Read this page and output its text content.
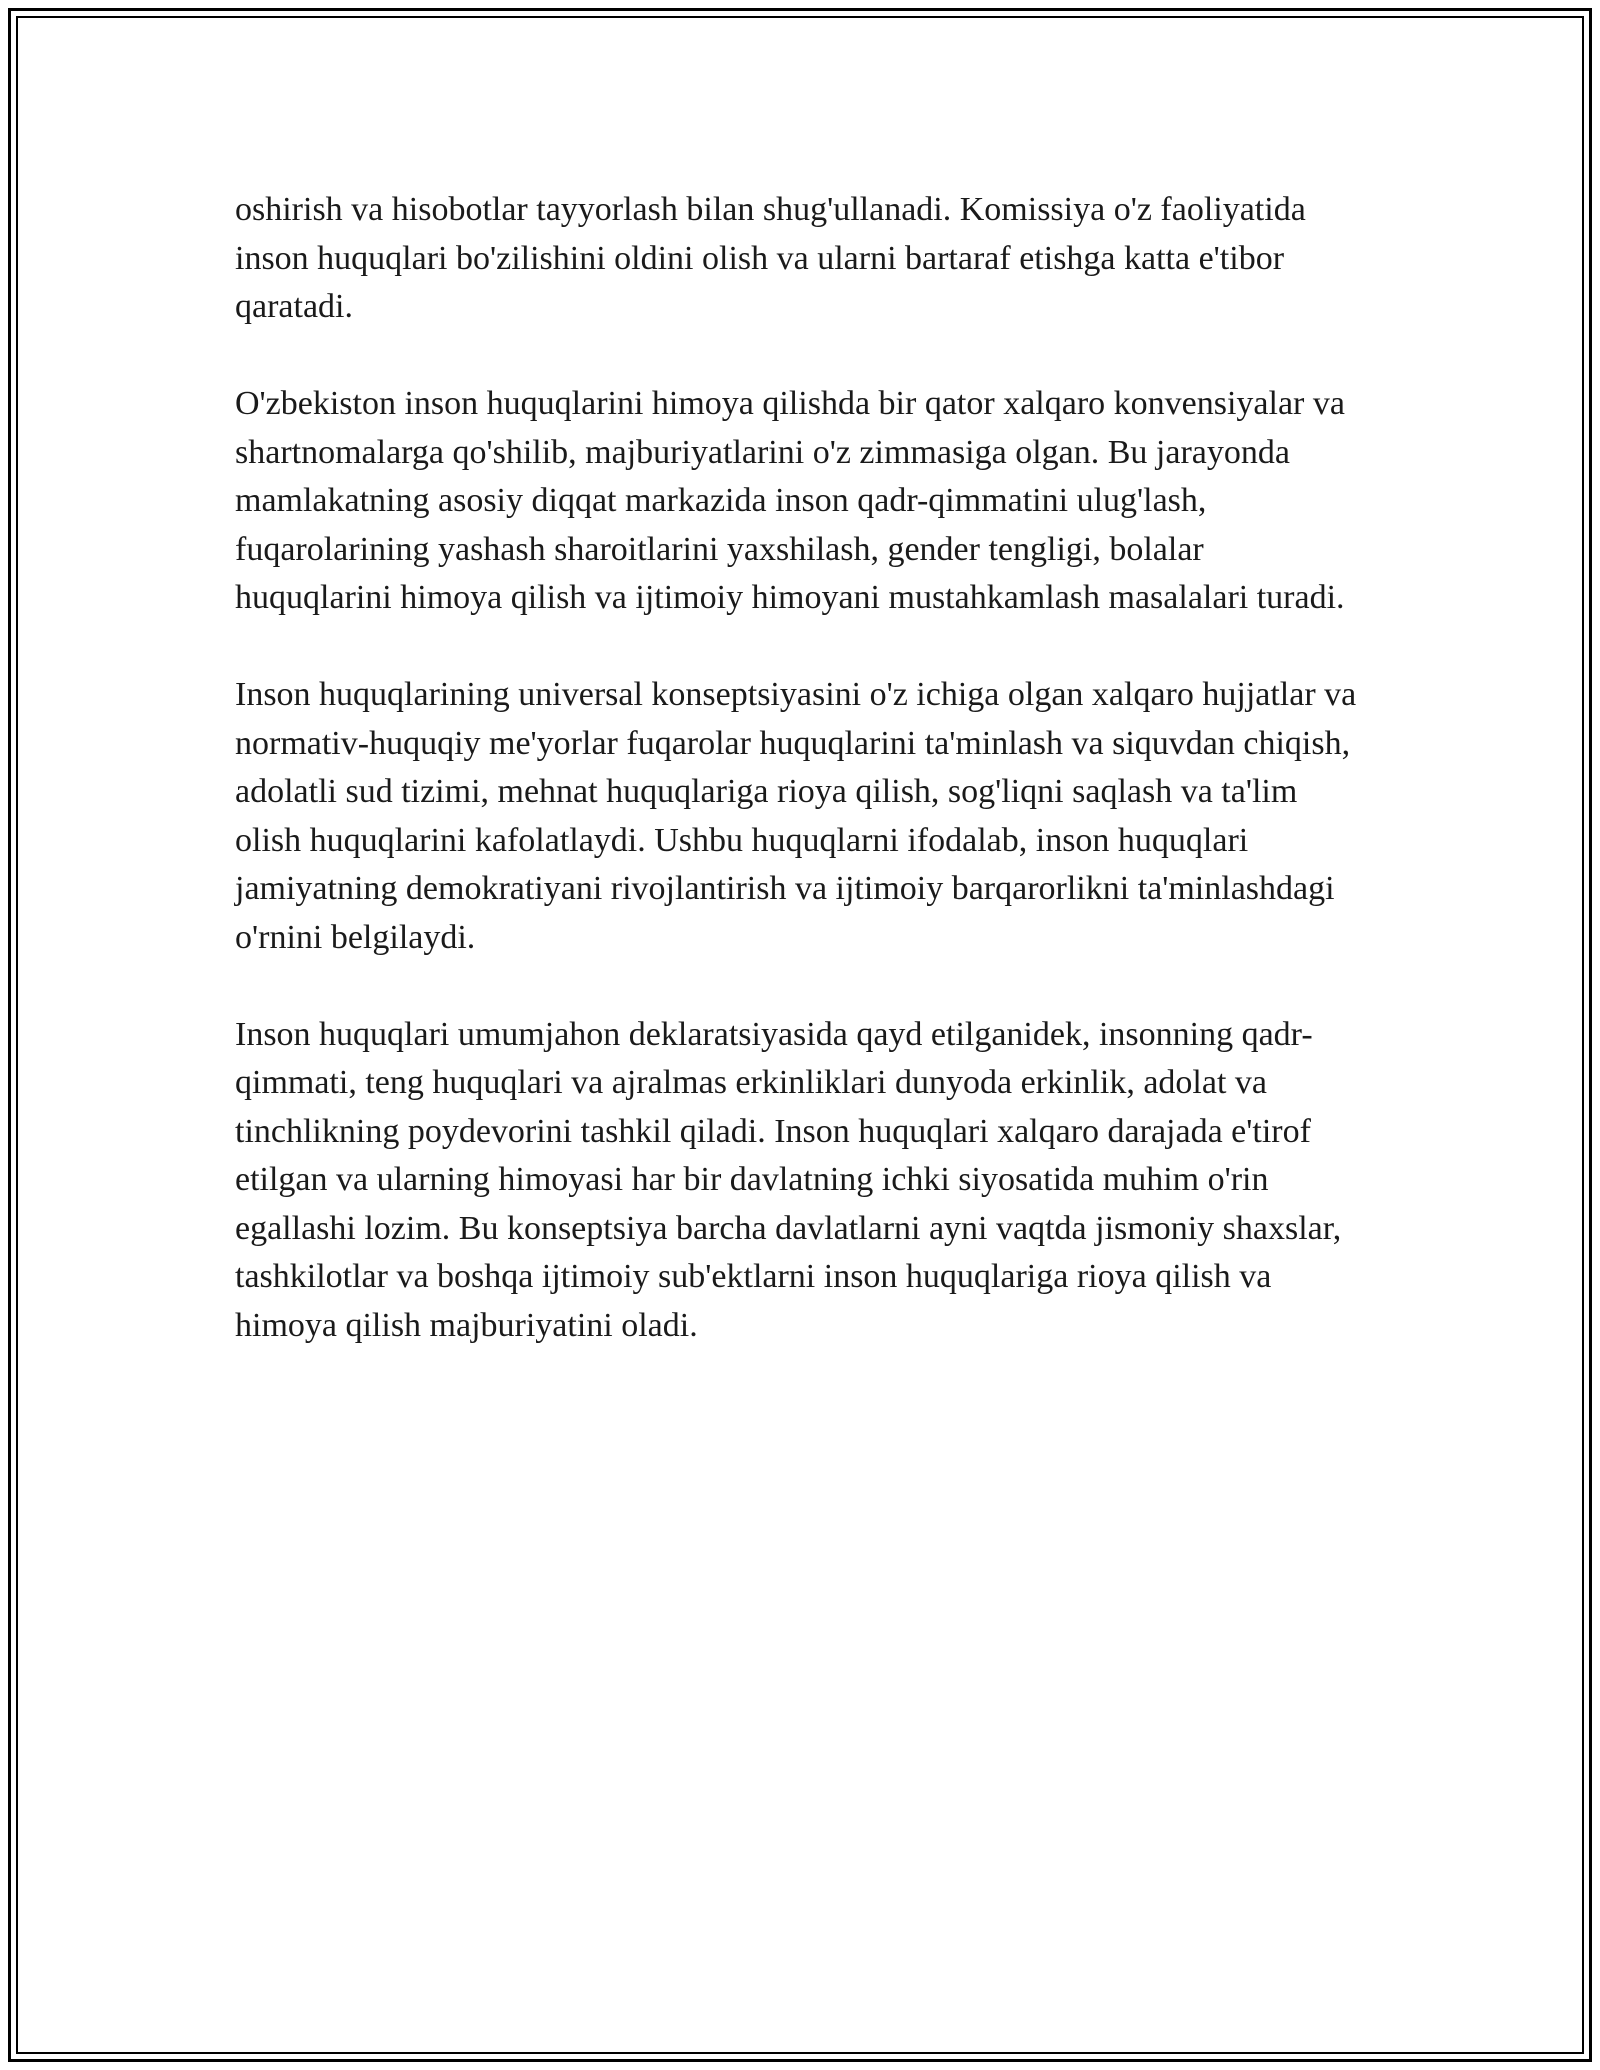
oshirish va hisobotlar tayyorlash bilan shug'ullanadi. Komissiya o'z faoliyatida inson huquqlari bo'zilishini oldini olish va ularni bartaraf etishga katta e'tibor qaratadi.

O'zbekiston inson huquqlarini himoya qilishda bir qator xalqaro konvensiyalar va shartnomalarga qo'shilib, majburiyatlarini o'z zimmasiga olgan. Bu jarayonda mamlakatning asosiy diqqat markazida inson qadr-qimmatini ulug'lash, fuqarolarining yashash sharoitlarini yaxshilash, gender tengligi, bolalar huquqlarini himoya qilish va ijtimoiy himoyani mustahkamlash masalalari turadi.

Inson huquqlarining universal konseptsiyasini o'z ichiga olgan xalqaro hujjatlar va normativ-huquqiy me'yorlar fuqarolar huquqlarini ta'minlash va siquvdan chiqish, adolatli sud tizimi, mehnat huquqlariga rioya qilish, sog'liqni saqlash va ta'lim olish huquqlarini kafolatlaydi. Ushbu huquqlarni ifodalab, inson huquqlari jamiyatning demokratiyani rivojlantirish va ijtimoiy barqarorlikni ta'minlashdagi o'rnini belgilaydi.

Inson huquqlari umumjahon deklaratsiyasida qayd etilganidek, insonning qadr-qimmati, teng huquqlari va ajralmas erkinliklari dunyoda erkinlik, adolat va tinchlikning poydevorini tashkil qiladi. Inson huquqlari xalqaro darajada e'tirof etilgan va ularning himoyasi har bir davlatning ichki siyosatida muhim o'rin egallashi lozim. Bu konseptsiya barcha davlatlarni ayni vaqtda jismoniy shaxslar, tashkilotlar va boshqa ijtimoiy sub'ektlarni inson huquqlariga rioya qilish va himoya qilish majburiyatini oladi.
